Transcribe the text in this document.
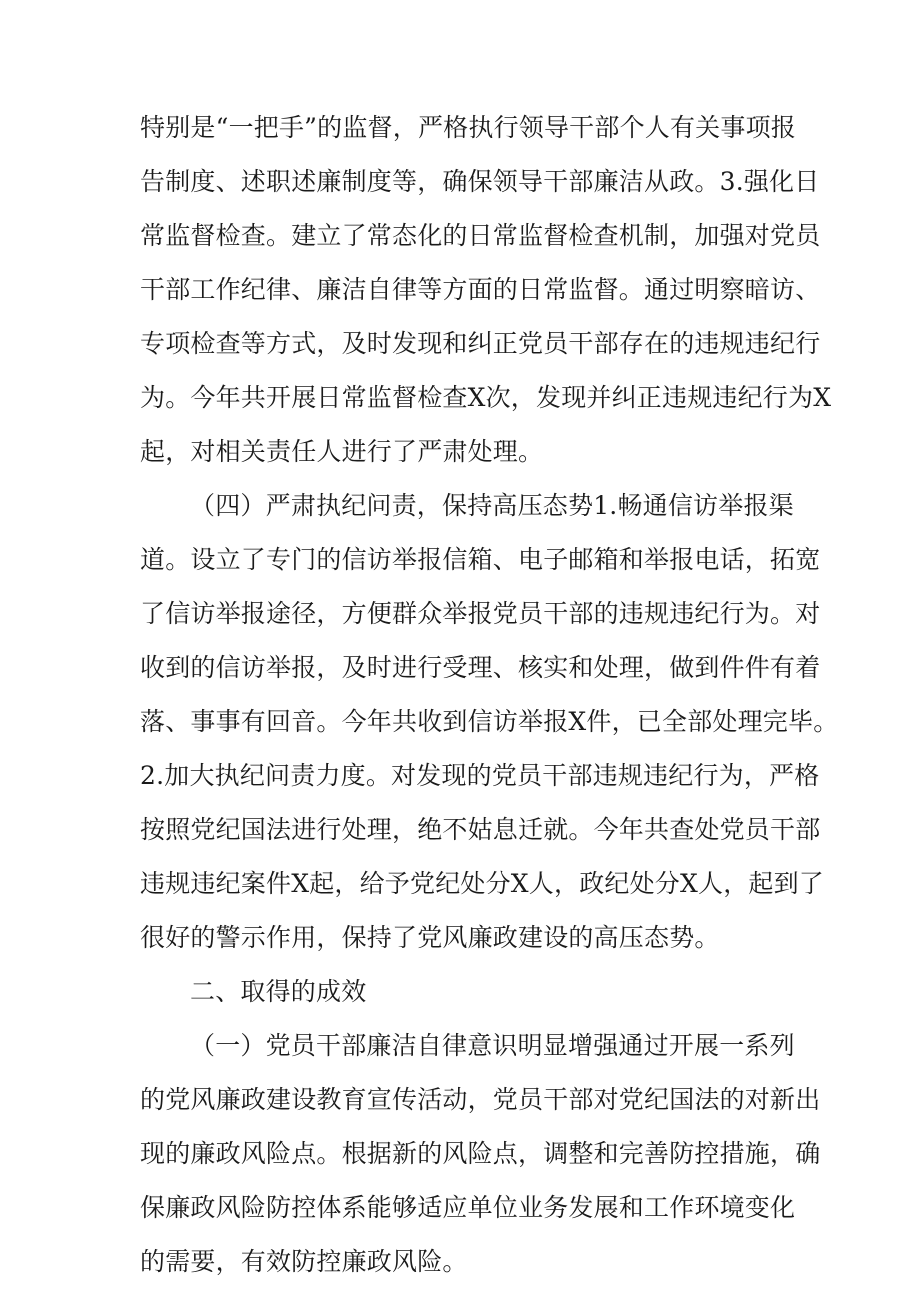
特别是“一把手”的监督，严格执行领导干部个人有关事项报
告制度、述职述廉制度等，确保领导干部廉洁从政。3.强化日
常监督检查。建立了常态化的日常监督检查机制，加强对党员
干部工作纪律、廉洁自律等方面的日常监督。通过明察暗访、
专项检查等方式，及时发现和纠正党员干部存在的违规违纪行
为。今年共开展日常监督检查X次，发现并纠正违规违纪行为X
起，对相关责任人进行了严肃处理。
（四）严肃执纪问责，保持高压态势1.畅通信访举报渠
道。设立了专门的信访举报信箱、电子邮箱和举报电话，拓宽
了信访举报途径，方便群众举报党员干部的违规违纪行为。对
收到的信访举报，及时进行受理、核实和处理，做到件件有着
落、事事有回音。今年共收到信访举报X件，已全部处理完毕。
2.加大执纪问责力度。对发现的党员干部违规违纪行为，严格
按照党纪国法进行处理，绝不姑息迁就。今年共查处党员干部
违规违纪案件X起，给予党纪处分X人，政纪处分X人，起到了
很好的警示作用，保持了党风廉政建设的高压态势。
二、取得的成效
（一）党员干部廉洁自律意识明显增强通过开展一系列
的党风廉政建设教育宣传活动，党员干部对党纪国法的对新出
现的廉政风险点。根据新的风险点，调整和完善防控措施，确
保廉政风险防控体系能够适应单位业务发展和工作环境变化
的需要，有效防控廉政风险。
